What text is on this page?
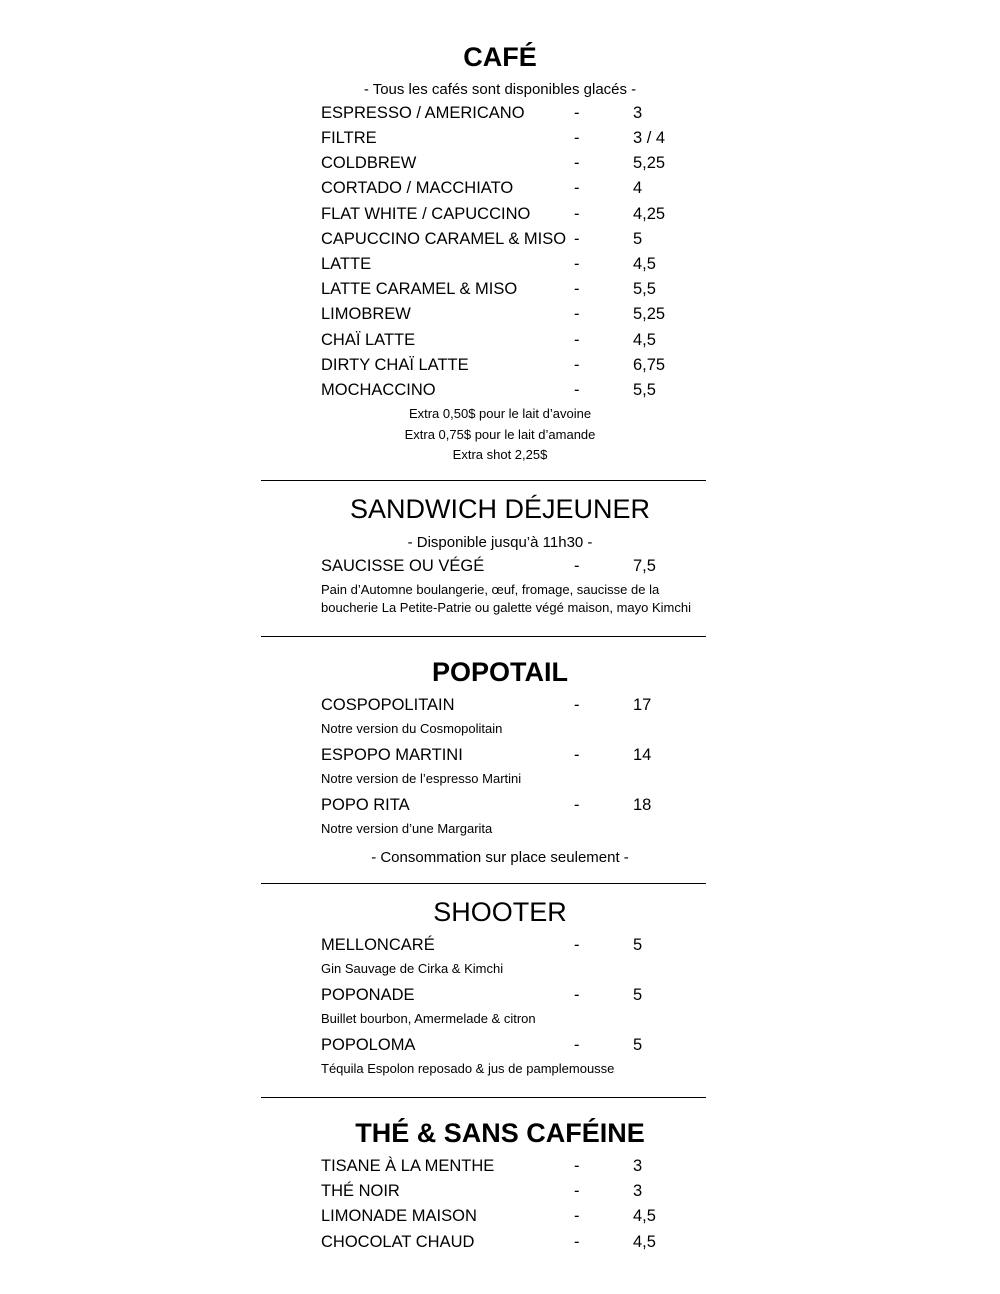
CAFÉ
- Tous les cafés sont disponibles glacés -
ESPRESSO / AMERICANO	-	3
FILTRE	-	3 / 4
COLDBREW	-	5,25
CORTADO / MACCHIATO	-	4
FLAT WHITE / CAPUCCINO	-	4,25
CAPUCCINO CARAMEL & MISO -	5
LATTE	-	4,5
LATTE CARAMEL & MISO	-	5,5
LIMOBREW	-	5,25
CHAÏ LATTE	-	4,5
DIRTY CHAÏ LATTE	-	6,75
MOCHACCINO	-	5,5
Extra 0,50$ pour le lait d’avoine
Extra 0,75$ pour le lait d’amande
Extra shot 2,25$
SANDWICH DÉJEUNER
- Disponible jusqu’à 11h30 -
SAUCISSE OU VÉGÉ	-	7,5
Pain d’Automne boulangerie, œuf, fromage, saucisse de la
boucherie La Petite-Patrie ou galette végé maison, mayo Kimchi
POPOTAIL
COSPOPOLITAIN	-	17
Notre version du Cosmopolitain
ESPOPO MARTINI	-	14
Notre version de l’espresso Martini
POPO RITA	-	18
Notre version d’une Margarita
- Consommation sur place seulement -
SHOOTER
MELLONCARÉ	-	5
Gin Sauvage de Cirka & Kimchi
POPONADE	-	5
Buillet bourbon, Amermelade & citron
POPOLOMA	-	5
Téquila Espolon reposado & jus de pamplemousse
THÉ & SANS CAFÉINE
TISANE À LA MENTHE	-	3
THÉ NOIR	-	3
LIMONADE MAISON	-	4,5
CHOCOLAT CHAUD	-	4,5
